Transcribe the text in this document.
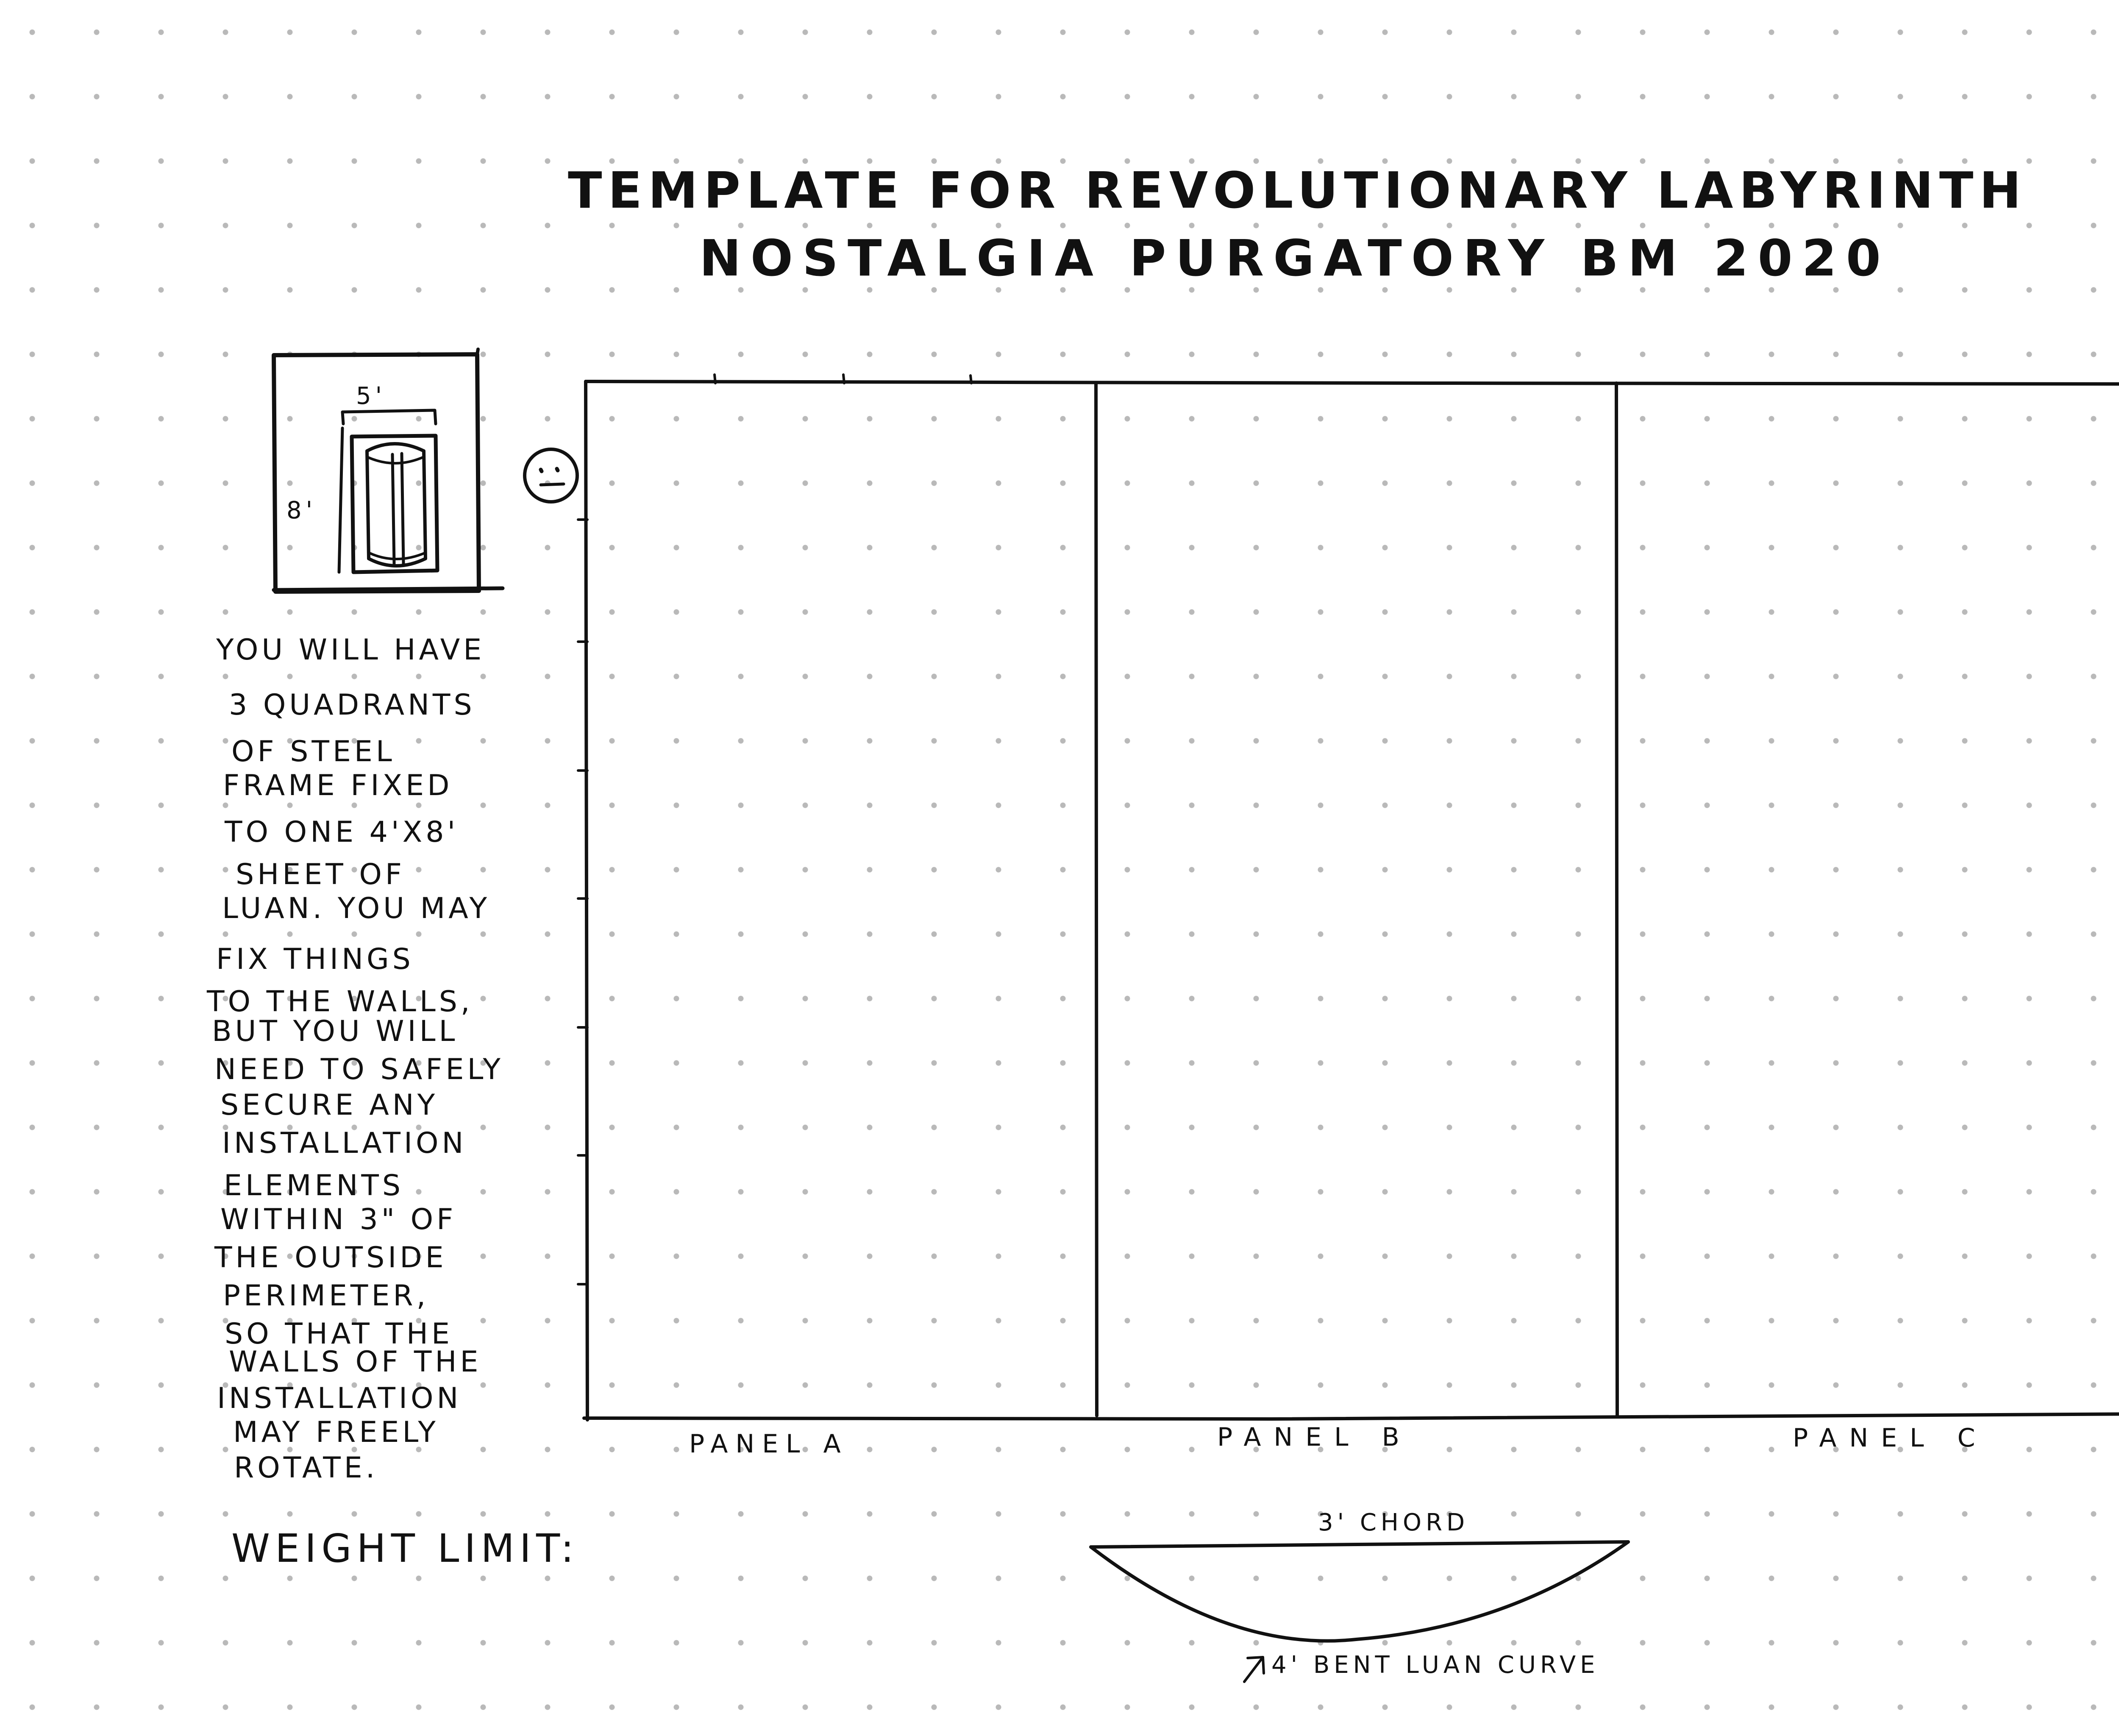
TEMPLATE FOR REVOLUTIONARY LABYRINTH
NOSTALGIA PURGATORY BM 2020
5'
8'
YOU WILL HAVE
3 QUADRANTS
OF STEEL
FRAME FIXED
TO ONE 4'X8'
SHEET OF
LUAN. YOU MAY
FIX THINGS
TO THE WALLS,
BUT YOU WILL
NEED TO SAFELY
SECURE ANY
INSTALLATION
ELEMENTS
WITHIN 3" OF
THE OUTSIDE
PERIMETER,
SO THAT THE
WALLS OF THE
INSTALLATION
MAY FREELY
ROTATE.
PANEL A	PANEL B	PANEL C
WEIGHT LIMIT:
3' CHORD
4' BENT LUAN CURVE
